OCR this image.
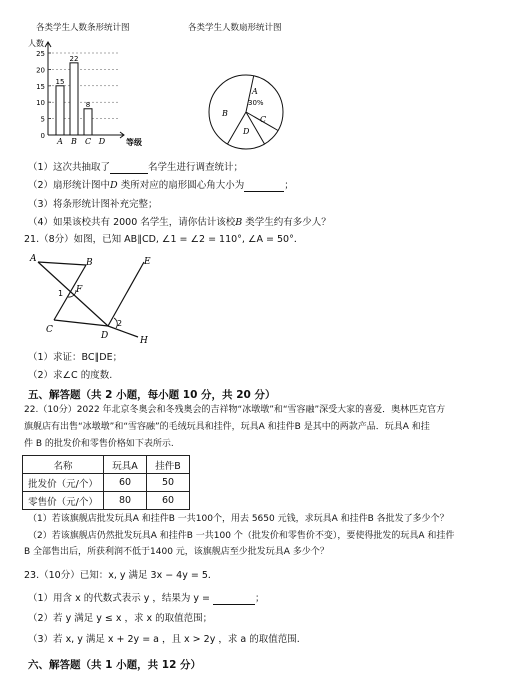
各类学生人数条形统计图	各类学生人数扇形统计图
0
5
10
15
20
25
人数
等级
15
A
22
B
8
C D
A
B
C
D
30%
（1）这次共抽取了	名学生进行调查统计；
（2）扇形统计图中D 类所对应的扇形圆心角大小为	；
（3）将条形统计图补充完整；
（4）如果该校共有 2000 名学生，请你估计该校B 类学生约有多少人？
21.（8分）如图，已知 AB∥CD, ∠1 = ∠2 = 110°, ∠A = 50°．
A	B
C
D
E
F
H
1
2
（1）求证：BC∥DE；
（2）求∠C 的度数.
五、解答题（共 2 小题，每小题 10 分，共 20 分）
22.（10分）2022 年北京冬奥会和冬残奥会的吉祥物“冰墩墩”和“雪容融”深受大家的喜爱．奥林匹克官方
旗舰店有出售“冰墩墩”和“雪容融”的毛绒玩具和挂件，玩具A 和挂件B 是其中的两款产品．玩具A 和挂
件 B 的批发价和零售价格如下表所示.
名称	玩具A	挂件B
批发价（元/个）	60	50
零售价（元/个）	80	60
（1）若该旗舰店批发玩具A 和挂件B 一共100个，用去 5650 元钱，求玩具A 和挂件B 各批发了多少个？
（2）若该旗舰店仍然批发玩具A 和挂件B 一共100 个（批发价和零售价不变），要使得批发的玩具A 和挂件
B 全部售出后，所获利润不低于1400 元，该旗舰店至少批发玩具A 多少个？
23.（10分）已知：x, y 满足 3x − 4y = 5．
（1）用含 x 的代数式表示 y ，结果为 y =	；
（2）若 y 满足 y ≤ x ，求 x 的取值范围；
（3）若 x, y 满足 x + 2y = a ，且 x > 2y ，求 a 的取值范围.
六、解答题（共 1 小题，共 12 分）
